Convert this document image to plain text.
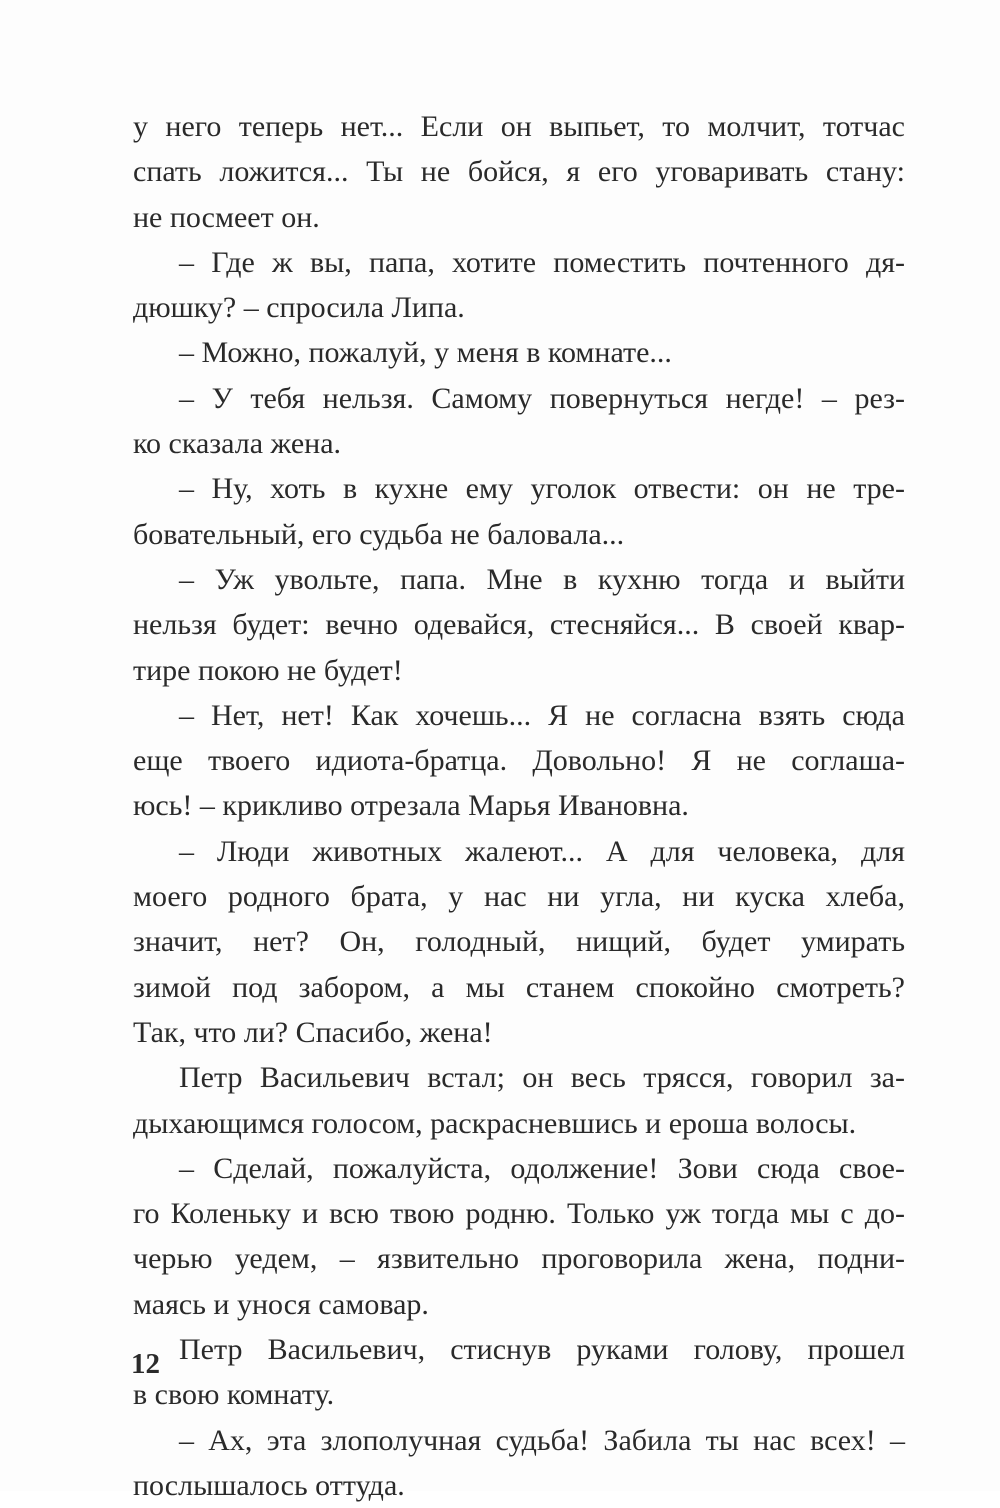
у него теперь нет... Если он выпьет, то молчит, тотчас
спать ложится... Ты не бойся, я его уговаривать стану:
не посмеет он.
– Где ж вы, папа, хотите поместить почтенного дя-
дюшку? – спросила Липа.
– Можно, пожалуй, у меня в комнате...
– У тебя нельзя. Самому повернуться негде! – рез-
ко сказала жена.
– Ну, хоть в кухне ему уголок отвести: он не тре-
бовательный, его судьба не баловала...
– Уж увольте, папа. Мне в кухню тогда и выйти
нельзя будет: вечно одевайся, стесняйся... В своей квар-
тире покою не будет!
– Нет, нет! Как хочешь... Я не согласна взять сюда
еще твоего идиота-братца. Довольно! Я не соглаша-
юсь! – крикливо отрезала Марья Ивановна.
– Люди животных жалеют... А для человека, для
моего родного брата, у нас ни угла, ни куска хлеба,
значит, нет? Он, голодный, нищий, будет умирать
зимой под забором, а мы станем спокойно смотреть?
Так, что ли? Спасибо, жена!
Петр Васильевич встал; он весь трясся, говорил за-
дыхающимся голосом, раскрасневшись и ероша волосы.
– Сделай, пожалуйста, одолжение! Зови сюда свое-
го Коленьку и всю твою родню. Только уж тогда мы с до-
черью уедем, – язвительно проговорила жена, подни-
маясь и унося самовар.
Петр Васильевич, стиснув руками голову, прошел
в свою комнату.
– Ах, эта злополучная судьба! Забила ты нас всех! –
послышалось оттуда.
12
